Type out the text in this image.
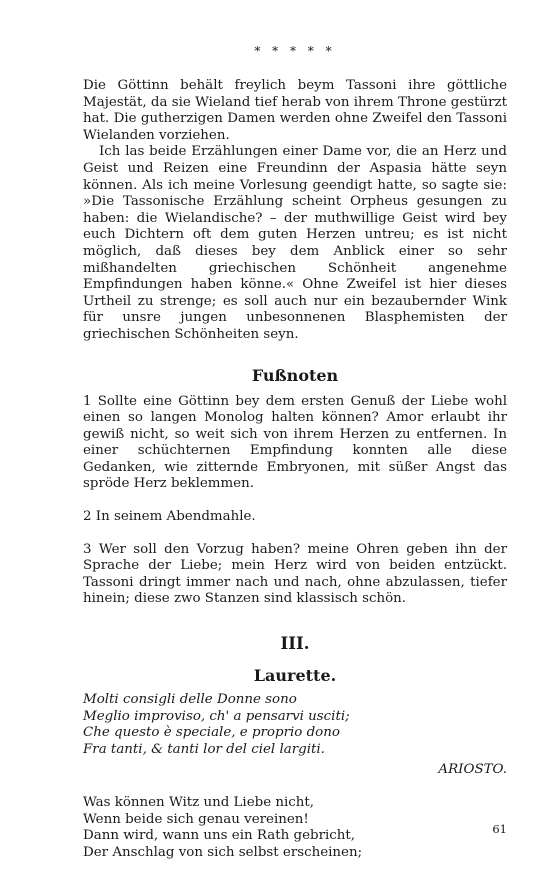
* * * * *

Die Göttinn behält freylich beym Tassoni ihre göttliche Majestät, da sie Wieland tief herab von ihrem Throne gestürzt hat. Die gutherzigen Damen werden ohne Zweifel den Tassoni Wielanden vorziehen.

Ich las beide Erzählungen einer Dame vor, die an Herz und Geist und Reizen eine Freundinn der Aspasia hätte seyn können. Als ich meine Vorlesung geendigt hatte, so sagte sie: »Die Tassonische Erzählung scheint Orpheus gesungen zu haben: die Wielandische? – der muthwillige Geist wird bey euch Dichtern oft dem guten Herzen untreu; es ist nicht möglich, daß dieses bey dem Anblick einer so sehr mißhandelten griechischen Schönheit angenehme Empfindungen haben könne.« Ohne Zweifel ist hier dieses Urtheil zu strenge; es soll auch nur ein bezaubernder Wink für unsre jungen unbesonnenen Blasphemisten der griechischen Schönheiten seyn.

Fußnoten

1 Sollte eine Göttinn bey dem ersten Genuß der Liebe wohl einen so langen Monolog halten können? Amor erlaubt ihr gewiß nicht, so weit sich von ihrem Herzen zu entfernen. In einer schüchternen Empfindung konnten alle diese Gedanken, wie zitternde Embryonen, mit süßer Angst das spröde Herz beklemmen.

2 In seinem Abendmahle.

3 Wer soll den Vorzug haben? meine Ohren geben ihn der Sprache der Liebe; mein Herz wird von beiden entzückt. Tassoni dringt immer nach und nach, ohne abzulassen, tiefer hinein; diese zwo Stanzen sind klassisch schön.

III.
Laurette.
Molti consigli delle Donne sono
Meglio improviso, ch' a pensarvi usciti;
Che questo è speciale, e proprio dono
Fra tanti, & tanti lor del ciel largiti.
ARIOSTO.
Was können Witz und Liebe nicht,
Wenn beide sich genau vereinen!
Dann wird, wann uns ein Rath gebricht,
Der Anschlag von sich selbst erscheinen;
61
